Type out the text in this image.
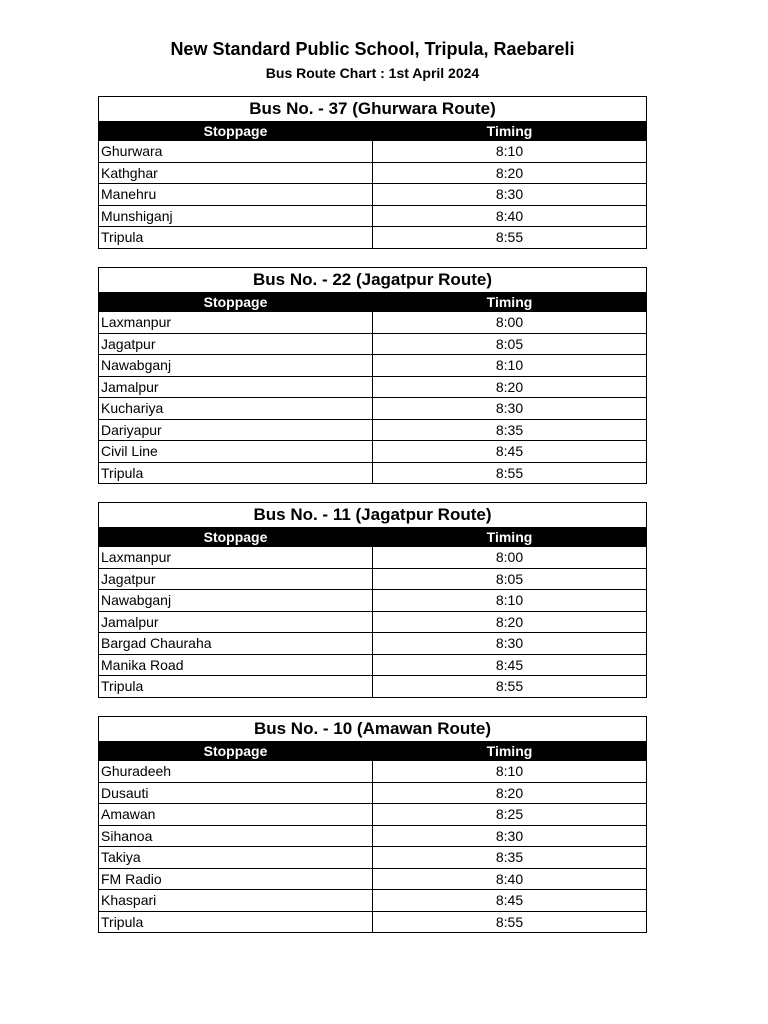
New Standard Public School, Tripula, Raebareli
Bus Route Chart : 1st April 2024
Bus No. - 37 (Ghurwara Route)	
Stoppage	Timing
Ghurwara	8:10
Kathghar	8:20
Manehru	8:30
Munshiganj	8:40
Tripula	8:55
Bus No. - 22 (Jagatpur Route)	
Stoppage	Timing
Laxmanpur	8:00
Jagatpur	8:05
Nawabganj	8:10
Jamalpur	8:20
Kuchariya	8:30
Dariyapur	8:35
Civil Line	8:45
Tripula	8:55
Bus No. - 11 (Jagatpur Route)	
Stoppage	Timing
Laxmanpur	8:00
Jagatpur	8:05
Nawabganj	8:10
Jamalpur	8:20
Bargad Chauraha	8:30
Manika Road	8:45
Tripula	8:55
Bus No. - 10 (Amawan Route)	
Stoppage	Timing
Ghuradeeh	8:10
Dusauti	8:20
Amawan	8:25
Sihanoa	8:30
Takiya	8:35
FM Radio	8:40
Khaspari	8:45
Tripula	8:55
